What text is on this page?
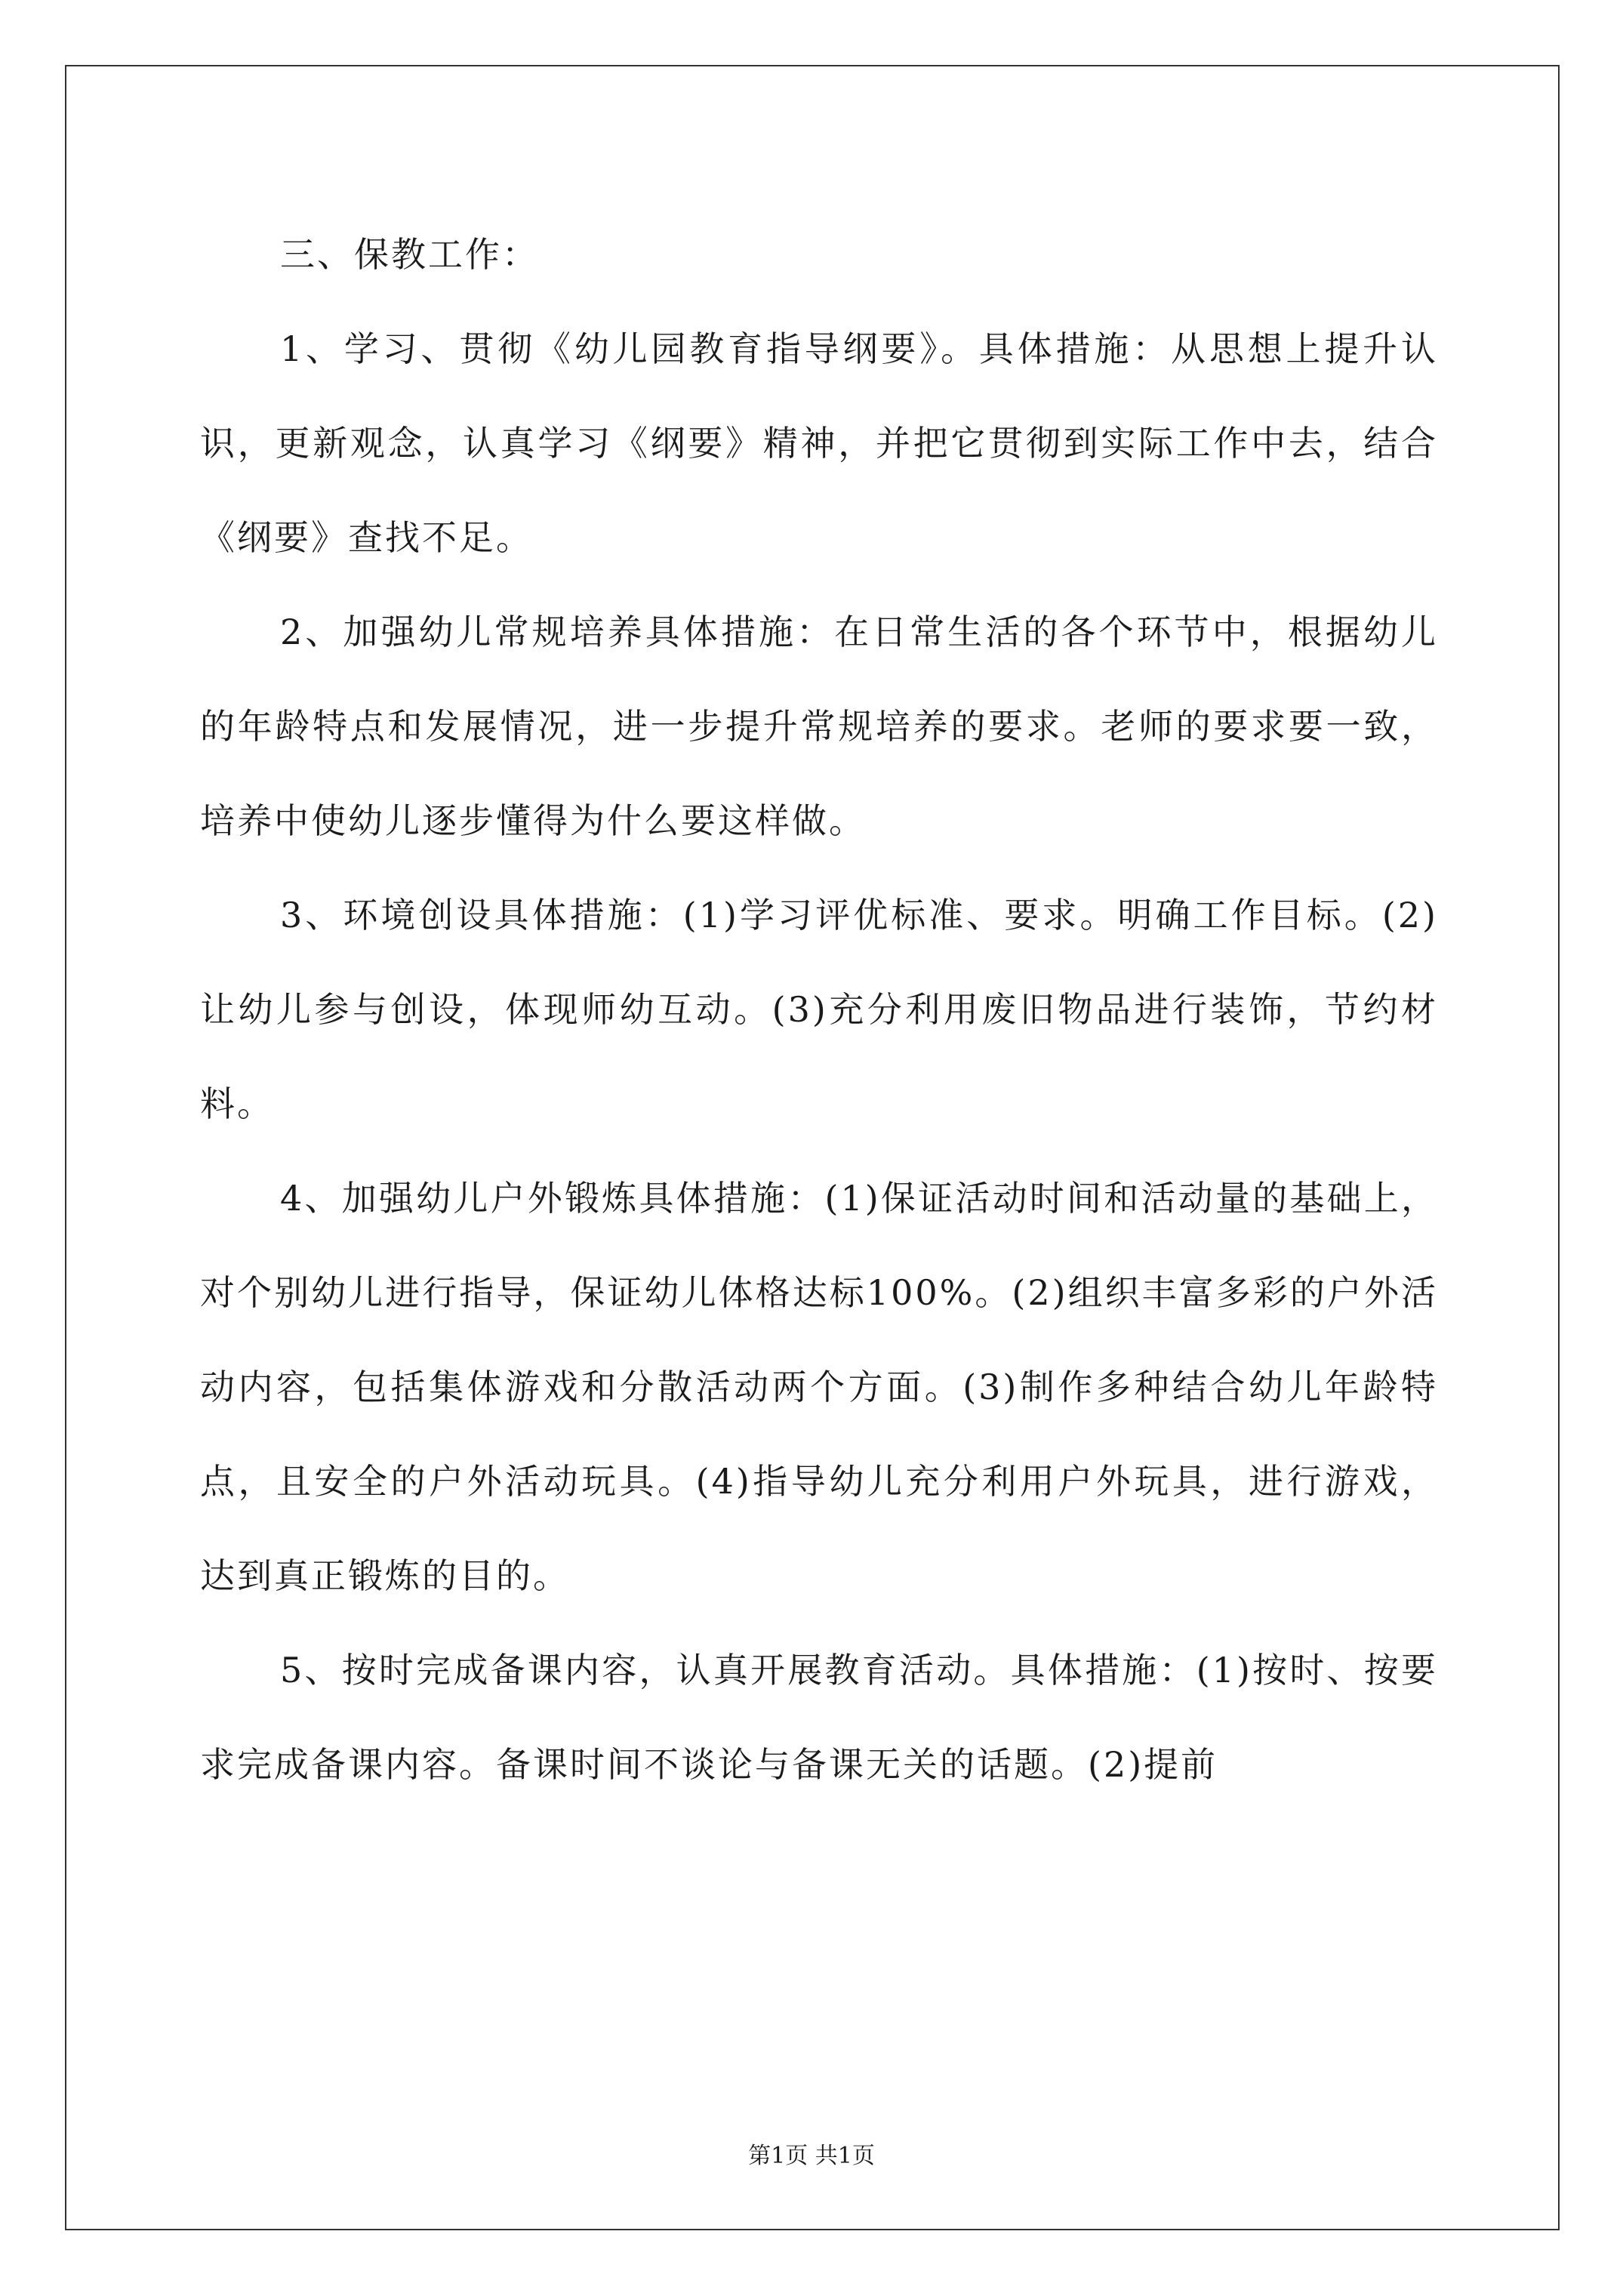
三、保教工作：

1、学习、贯彻《幼儿园教育指导纲要》。具体措施：从思想上提升认识，更新观念，认真学习《纲要》精神，并把它贯彻到实际工作中去，结合《纲要》查找不足。

2、加强幼儿常规培养具体措施：在日常生活的各个环节中，根据幼儿的年龄特点和发展情况，进一步提升常规培养的要求。老师的要求要一致，培养中使幼儿逐步懂得为什么要这样做。

3、环境创设具体措施：(1)学习评优标准、要求。明确工作目标。(2)让幼儿参与创设，体现师幼互动。(3)充分利用废旧物品进行装饰，节约材料。

4、加强幼儿户外锻炼具体措施：(1)保证活动时间和活动量的基础上，对个别幼儿进行指导，保证幼儿体格达标100%。(2)组织丰富多彩的户外活动内容，包括集体游戏和分散活动两个方面。(3)制作多种结合幼儿年龄特点，且安全的户外活动玩具。(4)指导幼儿充分利用户外玩具，进行游戏，达到真正锻炼的目的。

5、按时完成备课内容，认真开展教育活动。具体措施：(1)按时、按要求完成备课内容。备课时间不谈论与备课无关的话题。(2)提前

第1页 共1页
